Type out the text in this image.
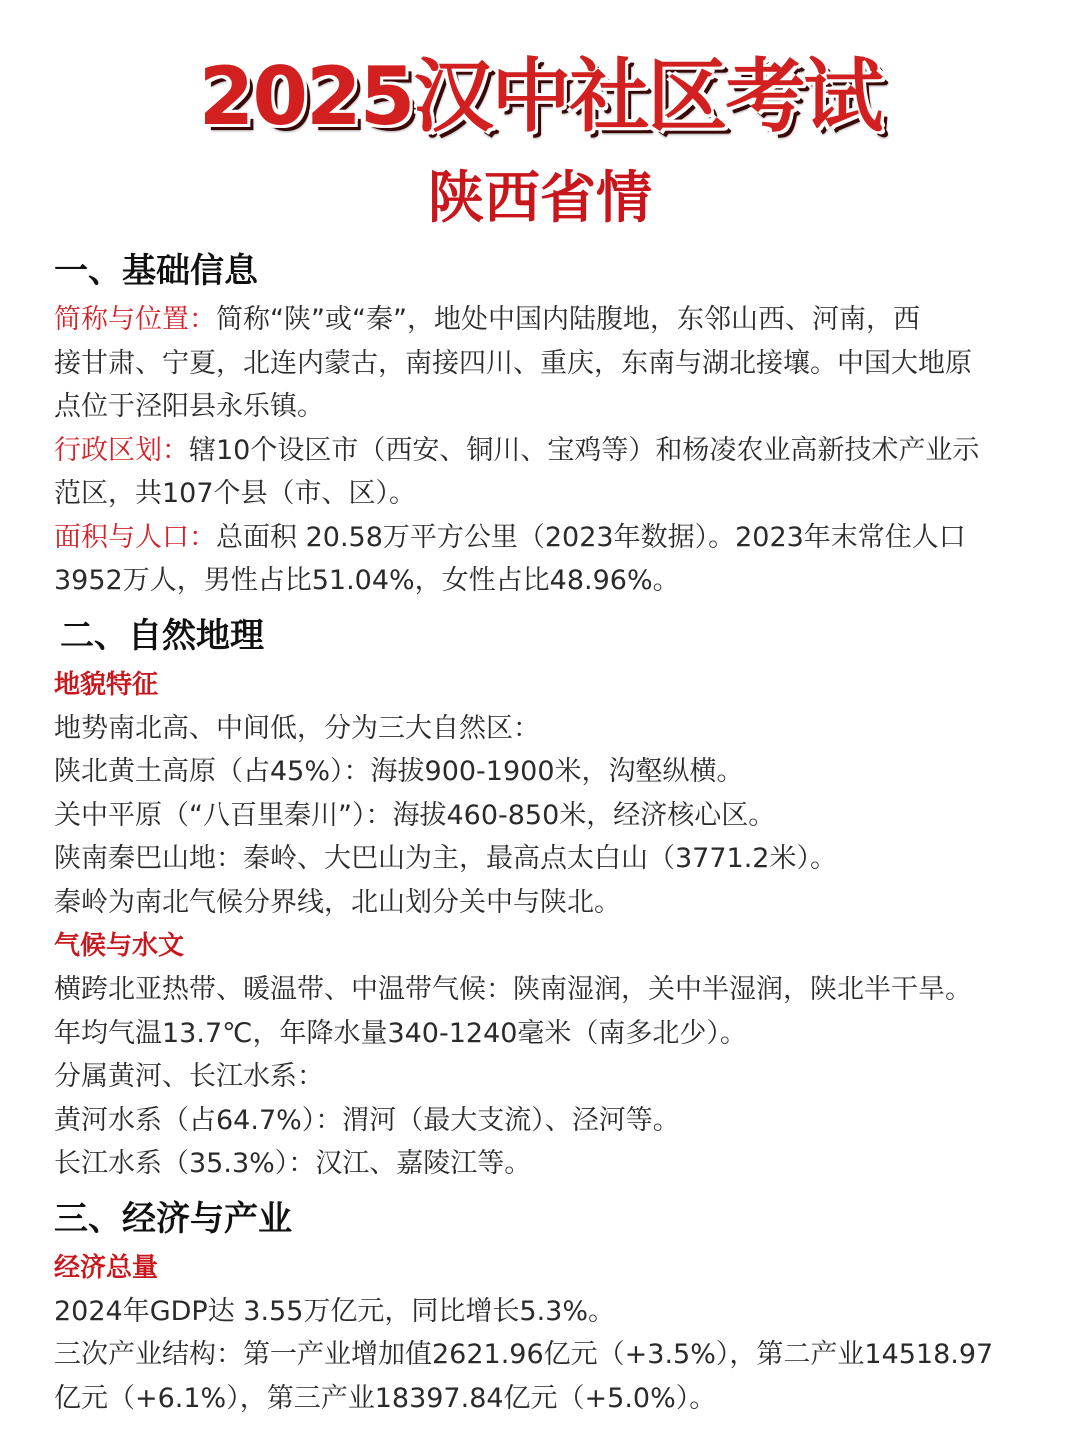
2025汉中社区考试
陕西省情
一、基础信息
简称与位置：简称“陕”或“秦”，地处中国内陆腹地，东邻山西、河南，西
接甘肃、宁夏，北连内蒙古，南接四川、重庆，东南与湖北接壤。中国大地原
点位于泾阳县永乐镇。
行政区划：辖10个设区市（西安、铜川、宝鸡等）和杨凌农业高新技术产业示
范区，共107个县（市、区）。
面积与人口：总面积 20.58万平方公里（2023年数据）。2023年末常住人口
3952万人，男性占比51.04%，女性占比48.96%。
二、自然地理
地貌特征
地势南北高、中间低，分为三大自然区：
陕北黄土高原（占45%）：海拔900-1900米，沟壑纵横。
关中平原（“八百里秦川”）：海拔460-850米，经济核心区。
陕南秦巴山地：秦岭、大巴山为主，最高点太白山（3771.2米）。
秦岭为南北气候分界线，北山划分关中与陕北。
气候与水文
横跨北亚热带、暖温带、中温带气候：陕南湿润，关中半湿润，陕北半干旱。
年均气温13.7℃，年降水量340-1240毫米（南多北少）。
分属黄河、长江水系：
黄河水系（占64.7%）：渭河（最大支流）、泾河等。
长江水系（35.3%）：汉江、嘉陵江等。
三、经济与产业
经济总量
2024年GDP达 3.55万亿元，同比增长5.3%。
三次产业结构：第一产业增加值2621.96亿元（+3.5%），第二产业14518.97
亿元（+6.1%），第三产业18397.84亿元（+5.0%）。
